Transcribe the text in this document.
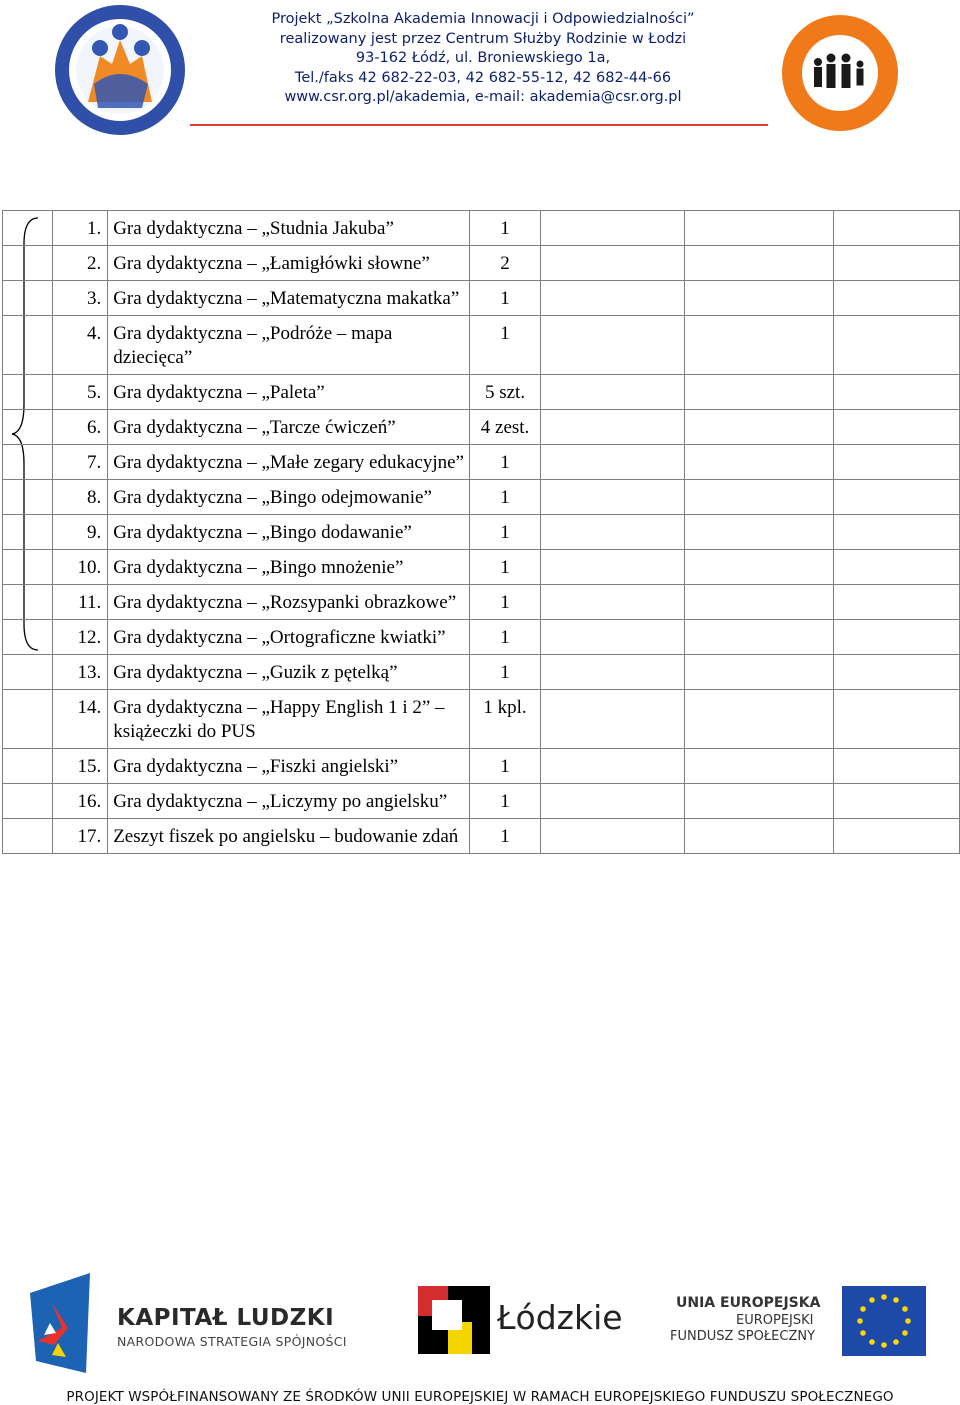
Projekt „Szkolna Akademia Innowacji i Odpowiedzialności”
realizowany jest przez Centrum Służby Rodzinie w Łodzi
93-162 Łódź, ul. Broniewskiego 1a,
Tel./faks 42 682-22-03, 42 682-55-12, 42 682-44-66
www.csr.org.pl/akademia, e-mail: akademia@csr.org.pl
	1.	Gra dydaktyczna – „Studnia Jakuba”	1			
	2.	Gra dydaktyczna – „Łamigłówki słowne”	2			
	3.	Gra dydaktyczna – „Matematyczna makatka”	1			
	4.	Gra dydaktyczna – „Podróże – mapa dziecięca”	1			
	5.	Gra dydaktyczna – „Paleta”	5 szt.			
	6.	Gra dydaktyczna – „Tarcze ćwiczeń”	4 zest.			
	7.	Gra dydaktyczna – „Małe zegary edukacyjne”	1			
	8.	Gra dydaktyczna – „Bingo odejmowanie”	1			
	9.	Gra dydaktyczna – „Bingo dodawanie”	1			
	10.	Gra dydaktyczna – „Bingo mnożenie”	1			
	11.	Gra dydaktyczna – „Rozsypanki obrazkowe”	1			
	12.	Gra dydaktyczna – „Ortograficzne kwiatki”	1			
	13.	Gra dydaktyczna – „Guzik z pętelką”	1			
	14.	Gra dydaktyczna – „Happy English 1 i 2” – książeczki do PUS	1 kpl.			
	15.	Gra dydaktyczna – „Fiszki angielski”	1			
	16.	Gra dydaktyczna – „Liczymy po angielsku”	1			
	17.	Zeszyt fiszek po angielsku – budowanie zdań	1			
KAPITAŁ LUDZKI
NARODOWA STRATEGIA SPÓJNOŚCI
Łódzkie	UNIA EUROPEJSKA
EUROPEJSKI
FUNDUSZ SPOŁECZNY
PROJEKT WSPÓŁFINANSOWANY ZE ŚRODKÓW UNII EUROPEJSKIEJ W RAMACH EUROPEJSKIEGO FUNDUSZU SPOŁECZNEGO
